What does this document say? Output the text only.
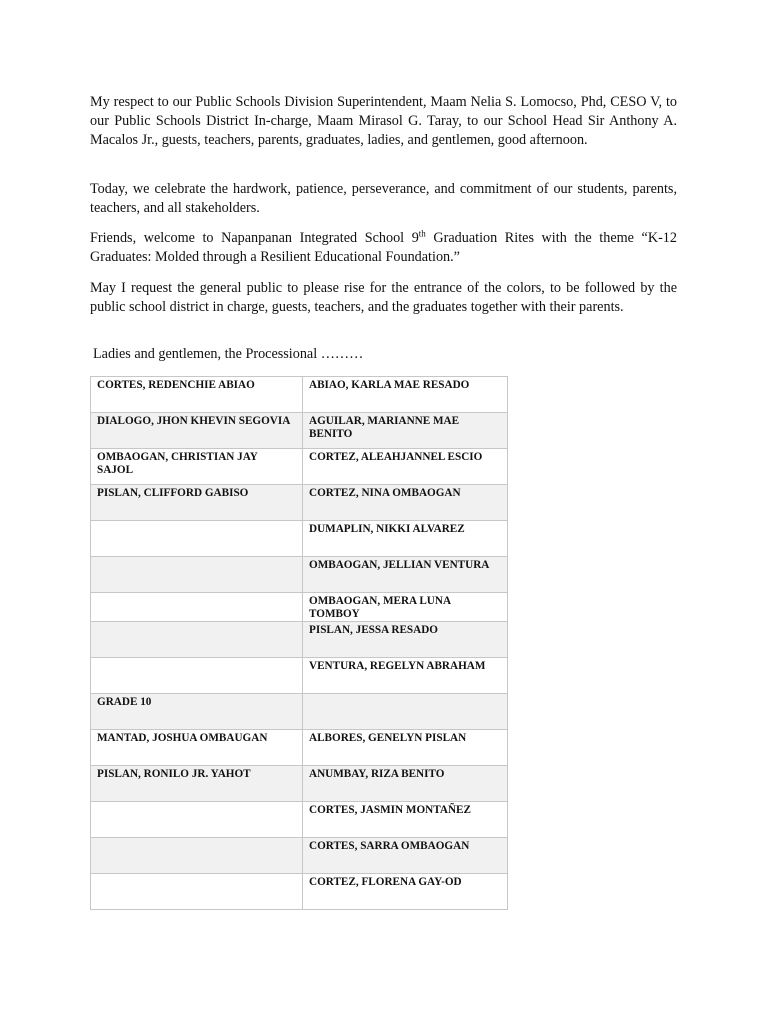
My respect to our Public Schools Division Superintendent, Maam Nelia S. Lomocso, Phd, CESO V, to our Public Schools District In-charge, Maam Mirasol G. Taray, to our School Head Sir Anthony A. Macalos Jr., guests, teachers, parents, graduates, ladies, and gentlemen, good afternoon.

Today, we celebrate the hardwork, patience, perseverance, and commitment of our students, parents, teachers, and all stakeholders.

Friends, welcome to Napanpanan Integrated School 9th Graduation Rites with the theme “K-12 Graduates: Molded through a Resilient Educational Foundation.”

May I request the general public to please rise for the entrance of the colors, to be followed by the public school district in charge, guests, teachers, and the graduates together with their parents.

Ladies and gentlemen, the Processional ………

CORTES, REDENCHIE ABIAO	ABIAO, KARLA MAE RESADO
DIALOGO, JHON KHEVIN SEGOVIA	AGUILAR, MARIANNE MAE BENITO
OMBAOGAN, CHRISTIAN JAY SAJOL	CORTEZ, ALEAHJANNEL ESCIO
PISLAN, CLIFFORD GABISO	CORTEZ, NINA OMBAOGAN
	DUMAPLIN, NIKKI ALVAREZ
	OMBAOGAN, JELLIAN VENTURA
	OMBAOGAN, MERA LUNA TOMBOY
	PISLAN, JESSA RESADO
	VENTURA, REGELYN ABRAHAM
GRADE 10	
MANTAD, JOSHUA OMBAUGAN	ALBORES, GENELYN PISLAN
PISLAN, RONILO JR. YAHOT	ANUMBAY, RIZA BENITO
	CORTES, JASMIN MONTAÑEZ
	CORTES, SARRA OMBAOGAN
	CORTEZ, FLORENA GAY-OD
